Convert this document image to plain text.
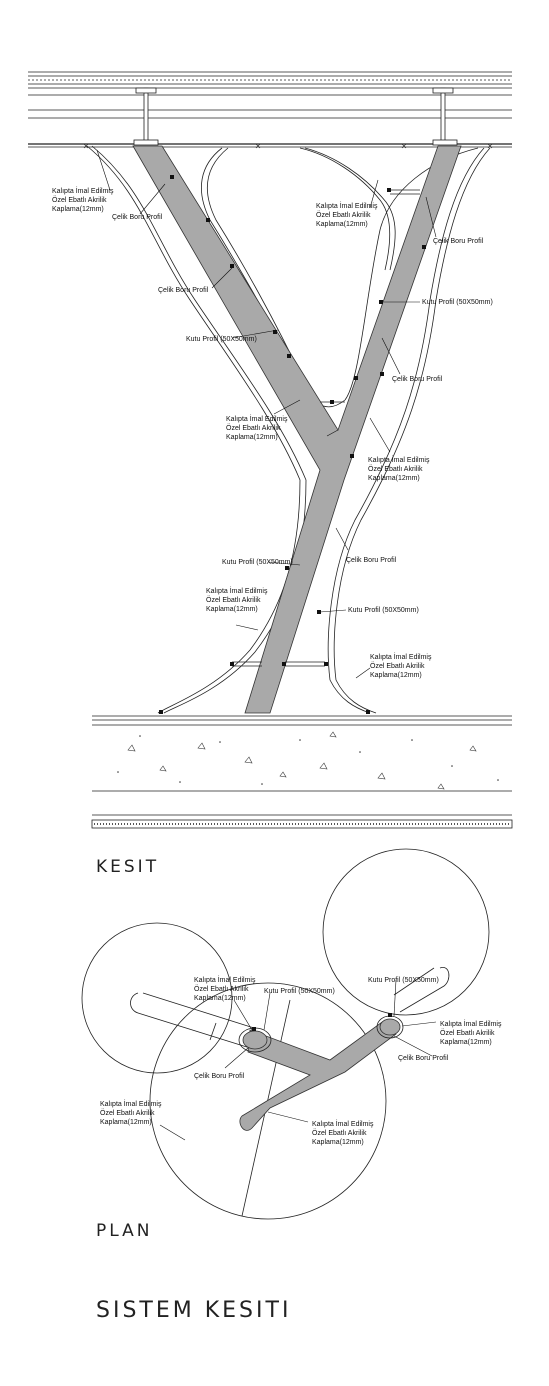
Kalıpta İmal Edilmiş Özel Ebatlı Akrilik Kaplama(12mm)
Çelik Boru Profil
Kalıpta İmal Edilmiş Özel Ebatlı Akrilik Kaplama(12mm)
Çelik Boru Profil
Çelik Boru Profil
Kutu Profil (50X50mm)
Kutu Profil (50X50mm)
Çelik Boru Profil
Kalıpta İmal Edilmiş Özel Ebatlı Akrilik Kaplama(12mm)
Kalıpta İmal Edilmiş Özel Ebatlı Akrilik Kaplama(12mm)
Kutu Profil (50X50mm)	Çelik Boru Profil
Kalıpta İmal Edilmiş Özel Ebatlı Akrilik Kaplama(12mm)	Kutu Profil (50X50mm)
Kalıpta İmal Edilmiş Özel Ebatlı Akrilik Kaplama(12mm)
Kalıpta İmal Edilmiş Özel Ebatlı Akrilik Kaplama(12mm)
Kutu Profil (50X50mm)
Çelik Boru Profil
Kutu Profil (50X50mm)
Kalıpta İmal Edilmiş Özel Ebatlı Akrilik Kaplama(12mm)
Çelik Boru Profil
Kalıpta İmal Edilmiş Özel Ebatlı Akrilik Kaplama(12mm)	Kalıpta İmal Edilmiş Özel Ebatlı Akrilik Kaplama(12mm)
KESIT
PLAN
SISTEM KESITI
